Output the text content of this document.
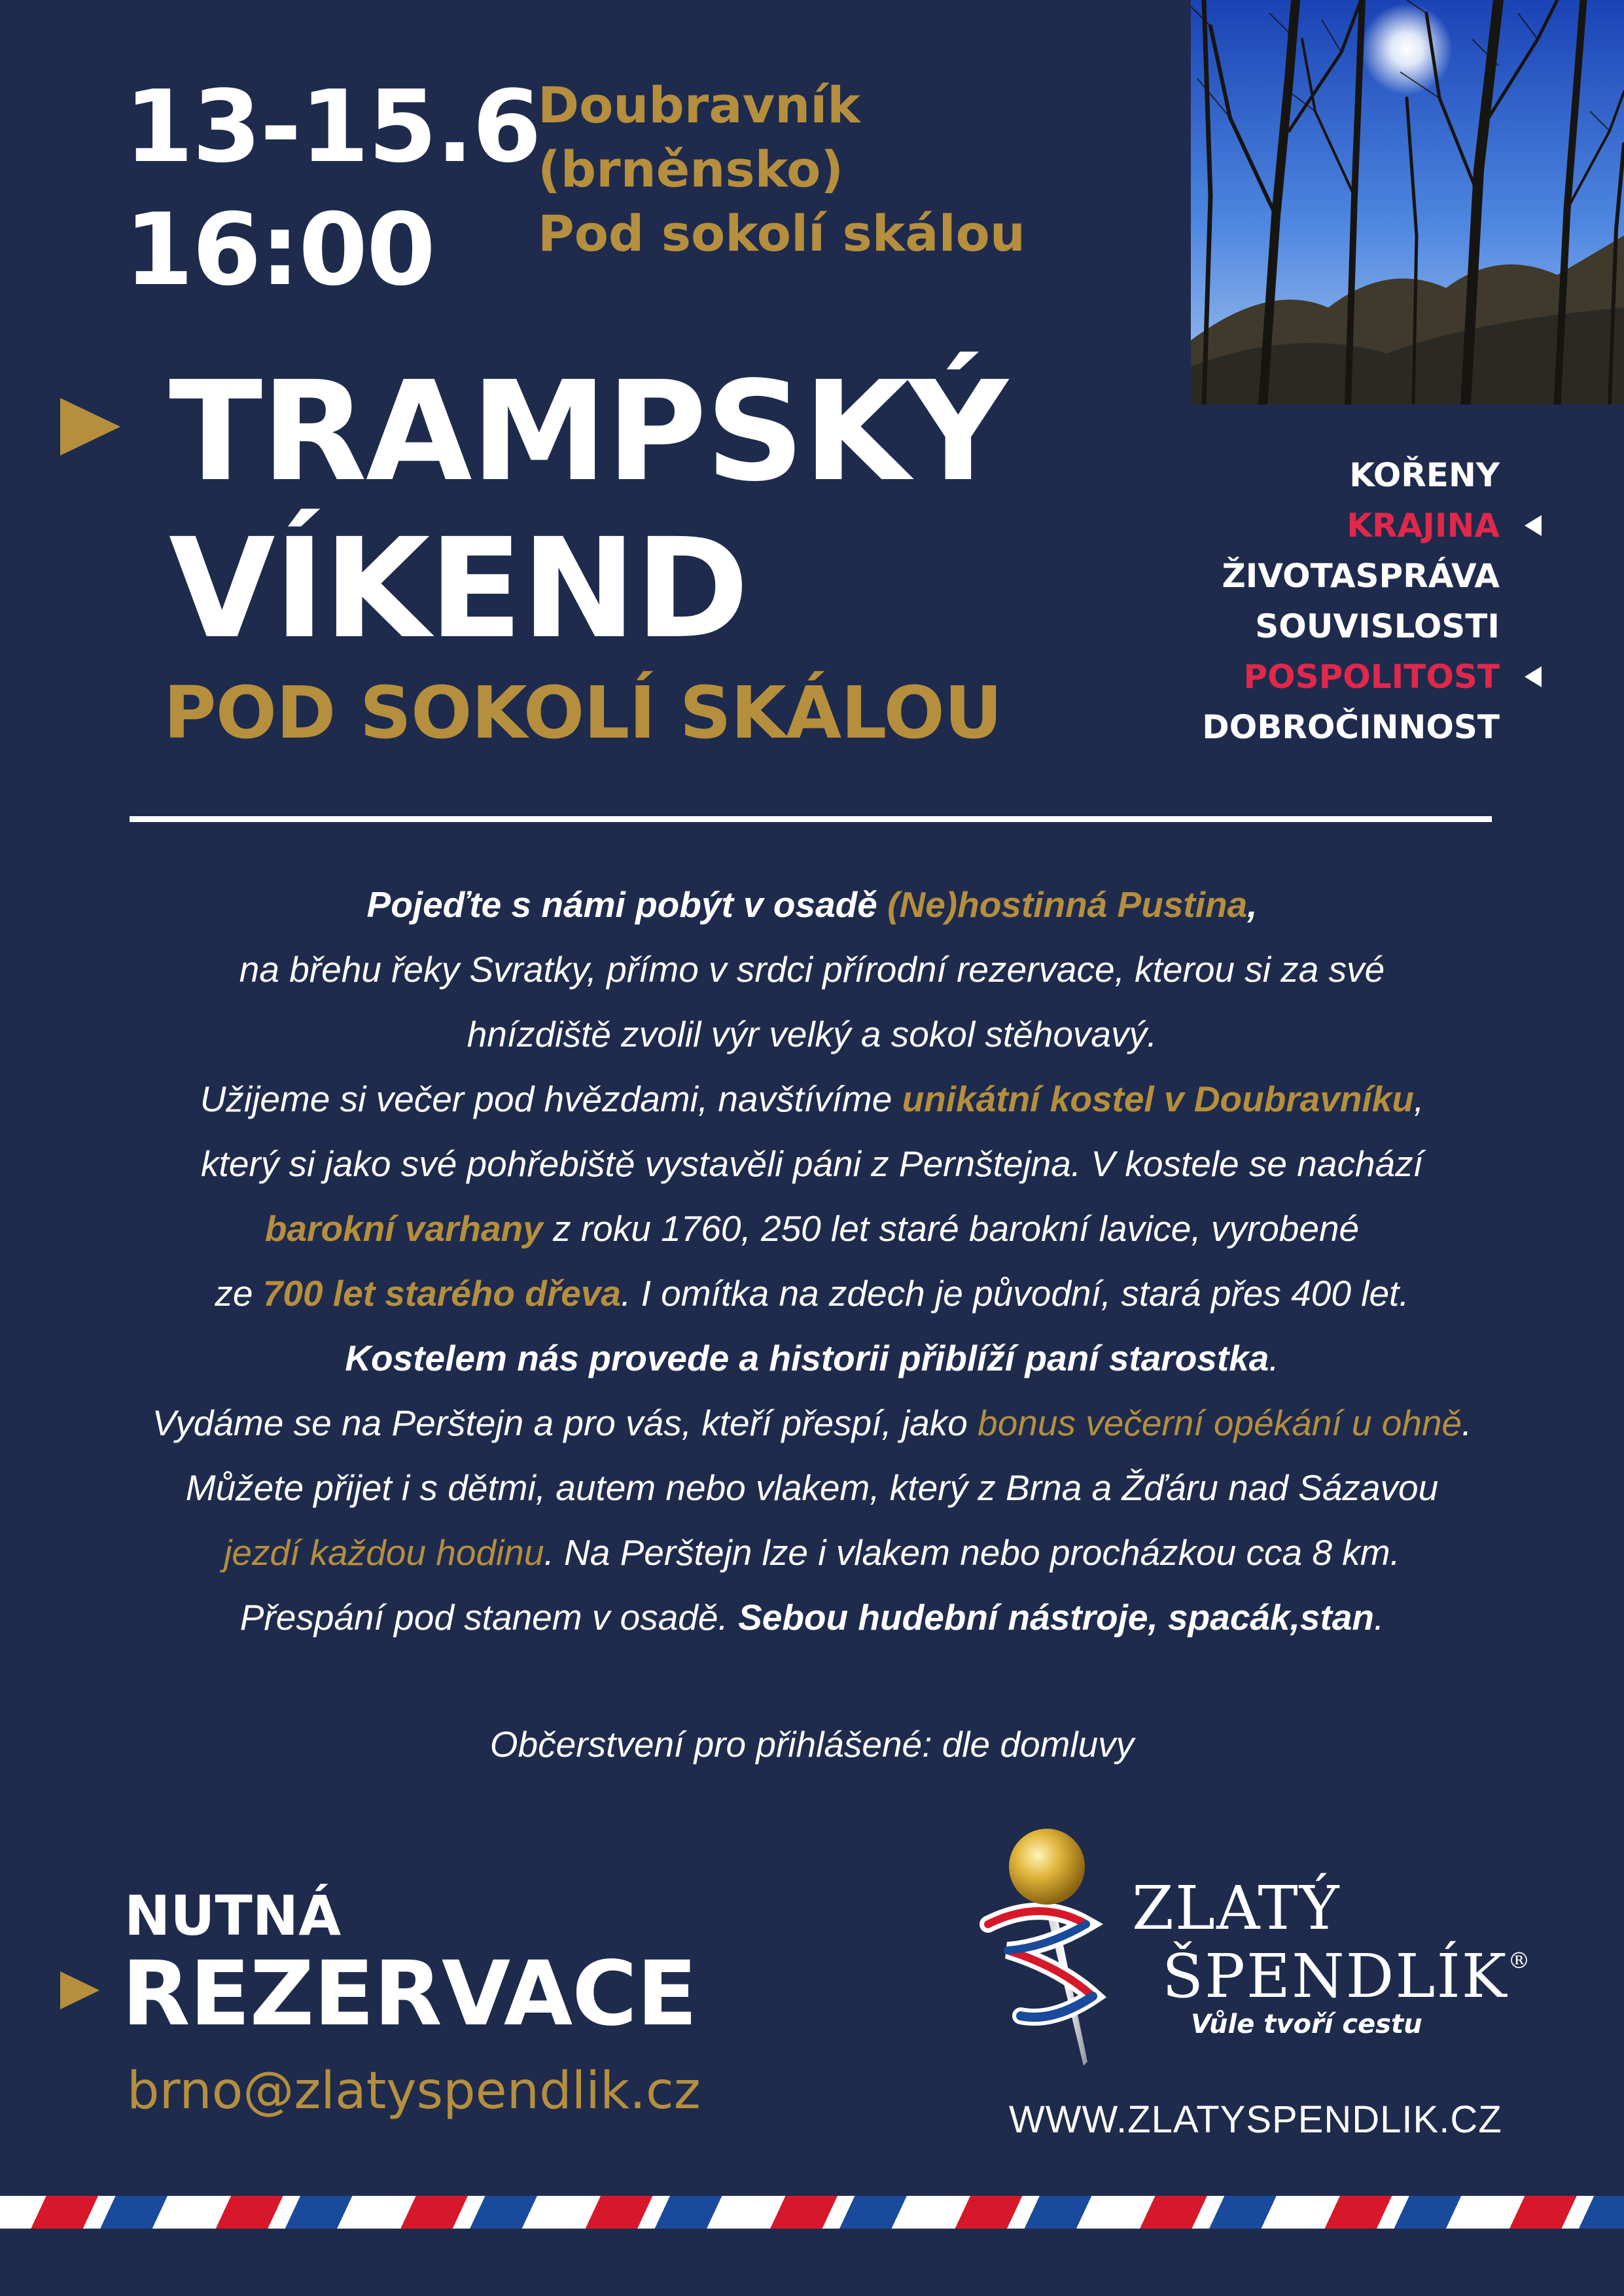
13-15.6
16:00
Doubravník
(brněnsko)
Pod sokolí skálou
TRAMPSKÝ
VÍKEND
POD SOKOLÍ SKÁLOU
KOŘENY
KRAJINA
ŽIVOTASPRÁVA
SOUVISLOSTI
POSPOLITOST
DOBROČINNOST

Pojeďte s námi pobýt v osadě (Ne)hostinná Pustina,

na břehu řeky Svratky, přímo v srdci přírodní rezervace, kterou si za své

hnízdiště zvolil výr velký a sokol stěhovavý.

Užijeme si večer pod hvězdami, navštívíme unikátní kostel v Doubravníku,

který si jako své pohřebiště vystavěli páni z Pernštejna. V kostele se nachází

barokní varhany z roku 1760, 250 let staré barokní lavice, vyrobené

ze 700 let starého dřeva. I omítka na zdech je původní, stará přes 400 let.

Kostelem nás provede a historii přiblíží paní starostka.

Vydáme se na Perštejn a pro vás, kteří přespí, jako bonus večerní opékání u ohně.

Můžete přijet i s dětmi, autem nebo vlakem, který z Brna a Žďáru nad Sázavou

jezdí každou hodinu. Na Perštejn lze i vlakem nebo procházkou cca 8 km.

Přespání pod stanem v osadě. Sebou hudební nástroje, spacák,stan.

Občerstvení pro přihlášené: dle domluvy
NUTNÁ
REZERVACE
brno@zlatyspendlik.cz
ZLATÝ
ŠPENDLÍK®
Vůle tvoří cestu
WWW.ZLATYSPENDLIK.CZ
